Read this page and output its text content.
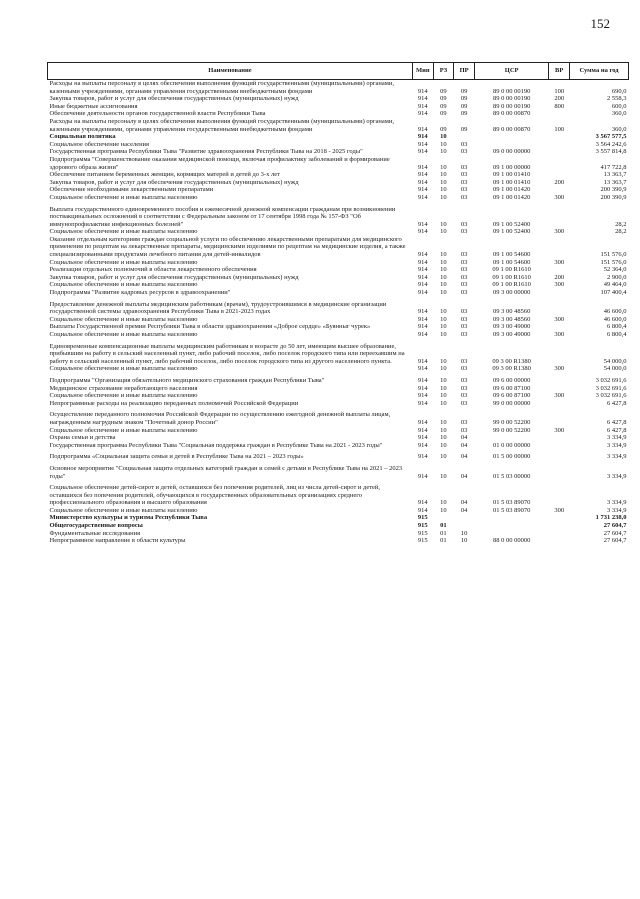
152
Наименование	Мин	РЗ	ПР	ЦСР	ВР	Сумма на год
Расходы на выплаты персоналу в целях обеспечения выполнения функций государственными (муниципальными) органами, казенными учреждениями, органами управления государственными внебюджетными фондами	914	09	09	89 0 00 00190	100	690,0
Закупка товаров, работ и услуг для обеспечения государственных (муниципальных) нужд	914	09	09	89 0 00 00190	200	2 558,3
Иные бюджетные ассигнования	914	09	09	89 0 00 00190	800	600,0
Обеспечение деятельности органов государственной власти Республики Тыва	914	09	09	89 0 00 00870		360,0
Расходы на выплаты персоналу в целях обеспечения выполнения функций государственными (муниципальными) органами, казенными учреждениями, органами управления государственными внебюджетными фондами	914	09	09	89 0 00 00870	100	360,0
Социальная политика	914	10				3 567 577,5
Социальное обеспечение населения	914	10	03			3 564 242,6
Государственная программа Республики Тыва "Развитие здравоохранения Республики Тыва на 2018 - 2025 годы"	914	10	03	09 0 00 00000		3 557 814,8
Подпрограмма "Совершенствование оказания медицинской помощи, включая профилактику заболеваний и формирование здорового образа жизни"	914	10	03	09 1 00 00000		417 722,8
Обеспечение питанием беременных женщин, кормящих матерей и детей до 3-х лет	914	10	03	09 1 00 01410		13 363,7
Закупка товаров, работ и услуг для обеспечения государственных (муниципальных) нужд	914	10	03	09 1 00 01410	200	13 363,7
Обеспечение необходимыми лекарственными препаратами	914	10	03	09 1 00 01420		200 390,9
Социальное обеспечение и иные выплаты населению	914	10	03	09 1 00 01420	300	200 390,9
Выплата государственного единовременного пособия и ежемесячной денежной компенсации гражданам при возникновении поствакцинальных осложнений в соответствии с Федеральным законом от 17 сентября 1998 года № 157-ФЗ "Об иммунопрофилактике инфекционных болезней"	914	10	03	09 1 00 52400		28,2
Социальное обеспечение и иные выплаты населению	914	10	03	09 1 00 52400	300	28,2
Оказание отдельным категориям граждан социальной услуги по обеспечению лекарственными препаратами для медицинского применения по рецептам на лекарственные препараты, медицинскими изделиями по рецептам на медицинские изделия, а также специализированными продуктами лечебного питания для детей-инвалидов	914	10	03	09 1 00 54600		151 576,0
Социальное обеспечение и иные выплаты населению	914	10	03	09 1 00 54600	300	151 576,0
Реализация отдельных полномочий в области лекарственного обеспечения	914	10	03	09 1 00 R1610		52 364,0
Закупка товаров, работ и услуг для обеспечения государственных (муниципальных) нужд	914	10	03	09 1 00 R1610	200	2 900,0
Социальное обеспечение и иные выплаты населению	914	10	03	09 1 00 R1610	300	49 464,0
Подпрограмма "Развитие кадровых ресурсов в здравоохранении"	914	10	03	09 3 00 00000		107 400,4
Предоставление денежной выплаты медицинским работникам (врачам), трудоустроившимся в медицинские организации государственной системы здравоохранения Республики Тыва в 2021-2023 годах	914	10	03	09 3 00 48560		46 600,0
Социальное обеспечение и иные выплаты населению	914	10	03	09 3 00 48560	300	46 600,0
Выплаты Государственной премии Республики Тыва в области здравоохранения «Доброе сердце» «Буянныг чурек»	914	10	03	09 3 00 49000		6 800,4
Социальное обеспечение и иные выплаты населению	914	10	03	09 3 00 49000	300	6 800,4
Единовременные компенсационные выплаты медицинским работникам в возрасте до 50 лет, имеющим высшее образование, прибывшим на работу в сельский населенный пункт, либо рабочий поселок, либо поселок городского типа или переехавшим на работу в сельский населенный пункт, либо рабочий поселок, либо поселок городского типа из другого населенного пункта.	914	10	03	09 3 00 R1380		54 000,0
Социальное обеспечение и иные выплаты населению	914	10	03	09 3 00 R1380	300	54 000,0
Подпрограмма "Организация обязательного медицинского страхования граждан Республики Тыва"	914	10	03	09 6 00 00000		3 032 691,6
Медицинское страхование неработающего населения	914	10	03	09 6 00 87100		3 032 691,6
Социальное обеспечение и иные выплаты населению	914	10	03	09 6 00 87100	300	3 032 691,6
Непрограммные расходы на реализацию переданных полномочий Российской Федерации	914	10	03	99 0 00 00000		6 427,8
Осуществление переданного полномочия Российской Федерации по осуществлению ежегодной денежной выплаты лицам, награжденным нагрудным знаком "Почетный донор России"	914	10	03	99 0 00 52200		6 427,8
Социальное обеспечение и иные выплаты населению	914	10	03	99 0 00 52200	300	6 427,8
Охрана семьи и детства	914	10	04			3 334,9
Государственная программа Республики Тыва "Социальная поддержка граждан в Республике Тыва на 2021 - 2023 годы"	914	10	04	01 0 00 00000		3 334,9
Подпрограмма «Социальная защита семьи и детей в Республике Тыва на 2021 – 2023 годы»	914	10	04	01 5 00 00000		3 334,9
Основное мероприятие "Социальная защита отдельных категорий граждан и семей с детьми в Республике Тыва на 2021 – 2023 годы"	914	10	04	01 5 03 00000		3 334,9
Социальное обеспечение детей-сирот и детей, оставшихся без попечения родителей, лиц из числа детей-сирот и детей, оставшихся без попечения родителей, обучающихся в государственных образовательных организациях среднего профессионального образования и высшего образования	914	10	04	01 5 03 89070		3 334,9
Социальное обеспечение и иные выплаты населению	914	10	04	01 5 03 89070	300	3 334,9
Министерство культуры и туризма Республики Тыва	915					1 731 238,0
Общегосударственные вопросы	915	01				27 604,7
Фундаментальные исследования	915	01	10			27 604,7
Непрограммное направление в области культуры	915	01	10	88 0 00 00000		27 604,7
